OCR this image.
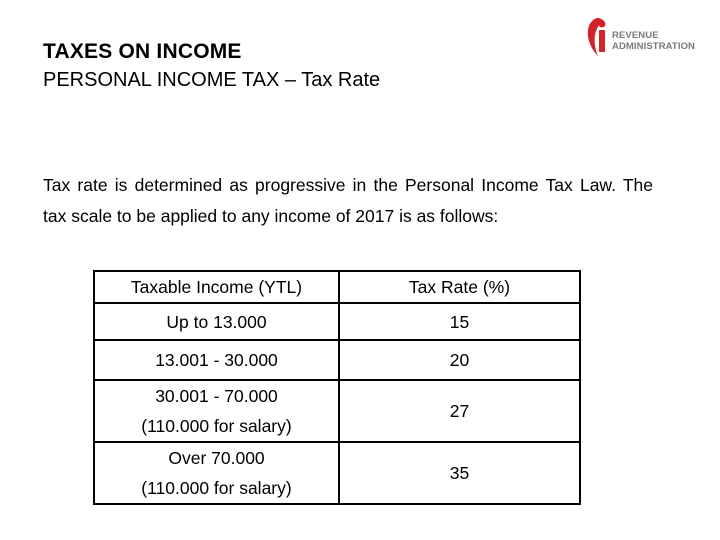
TAXES ON INCOME
PERSONAL INCOME TAX – Tax Rate
REVENUE
ADMINISTRATION
Tax rate is determined as progressive in the Personal Income Tax Law. The tax scale to be applied to any income of 2017 is as follows:
Taxable Income (YTL)	Tax Rate (%)
Up to 13.000	15
13.001 - 30.000	20

30.001 - 70.000
(110.000 for salary)	27

Over 70.000
(110.000 for salary)	35
